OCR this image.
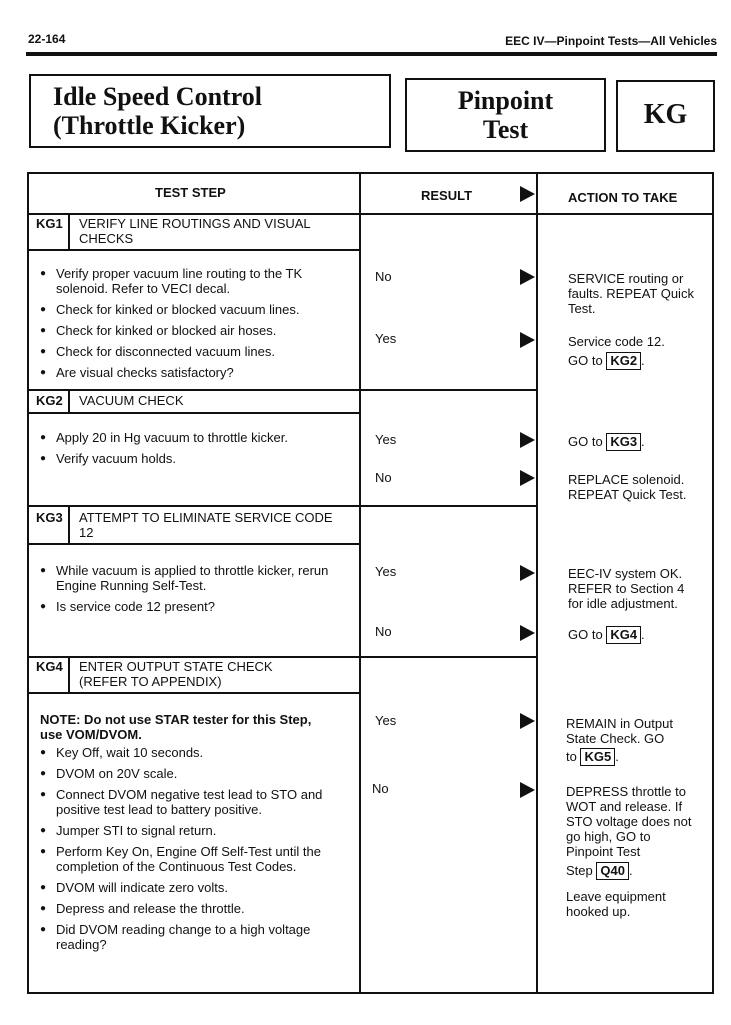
22-164	EEC IV—Pinpoint Tests—All Vehicles
Idle Speed Control
(Throttle Kicker)
Pinpoint
Test	KG
TEST STEP	RESULT	ACTION TO TAKE
KG1 VERIFY LINE ROUTINGS AND VISUAL
CHECKS
● Verify proper vacuum line routing to the TK
solenoid. Refer to VECI decal.
● Check for kinked or blocked vacuum lines.
● Check for kinked or blocked air hoses.
● Check for disconnected vacuum lines.
● Are visual checks satisfactory?
No	SERVICE routing or
faults. REPEAT Quick
Test.
Yes	Service code 12.
GO to KG2 .
KG2 VACUUM CHECK
● Apply 20 in Hg vacuum to throttle kicker.
● Verify vacuum holds.
Yes	GO to KG3 .
No	REPLACE solenoid.
REPEAT Quick Test.
KG3 ATTEMPT TO ELIMINATE SERVICE CODE
12
● While vacuum is applied to throttle kicker, rerun
Engine Running Self-Test.
● Is service code 12 present?
Yes	EEC-IV system OK.
REFER to Section 4
for idle adjustment.
No	GO to KG4 .
KG4 ENTER OUTPUT STATE CHECK
(REFER TO APPENDIX)
NOTE: Do not use STAR tester for this Step,
use VOM/DVOM.
● Key Off, wait 10 seconds.
● DVOM on 20V scale.
● Connect DVOM negative test lead to STO and
positive test lead to battery positive.
● Jumper STI to signal return.
● Perform Key On, Engine Off Self-Test until the
completion of the Continuous Test Codes.
● DVOM will indicate zero volts.
● Depress and release the throttle.
● Did DVOM reading change to a high voltage
reading?
Yes	REMAIN in Output
State Check. GO
to KG5 .
No	DEPRESS throttle to
WOT and release. If
STO voltage does not
go high, GO to
Pinpoint Test
Step Q40 .
Leave equipment
hooked up.
